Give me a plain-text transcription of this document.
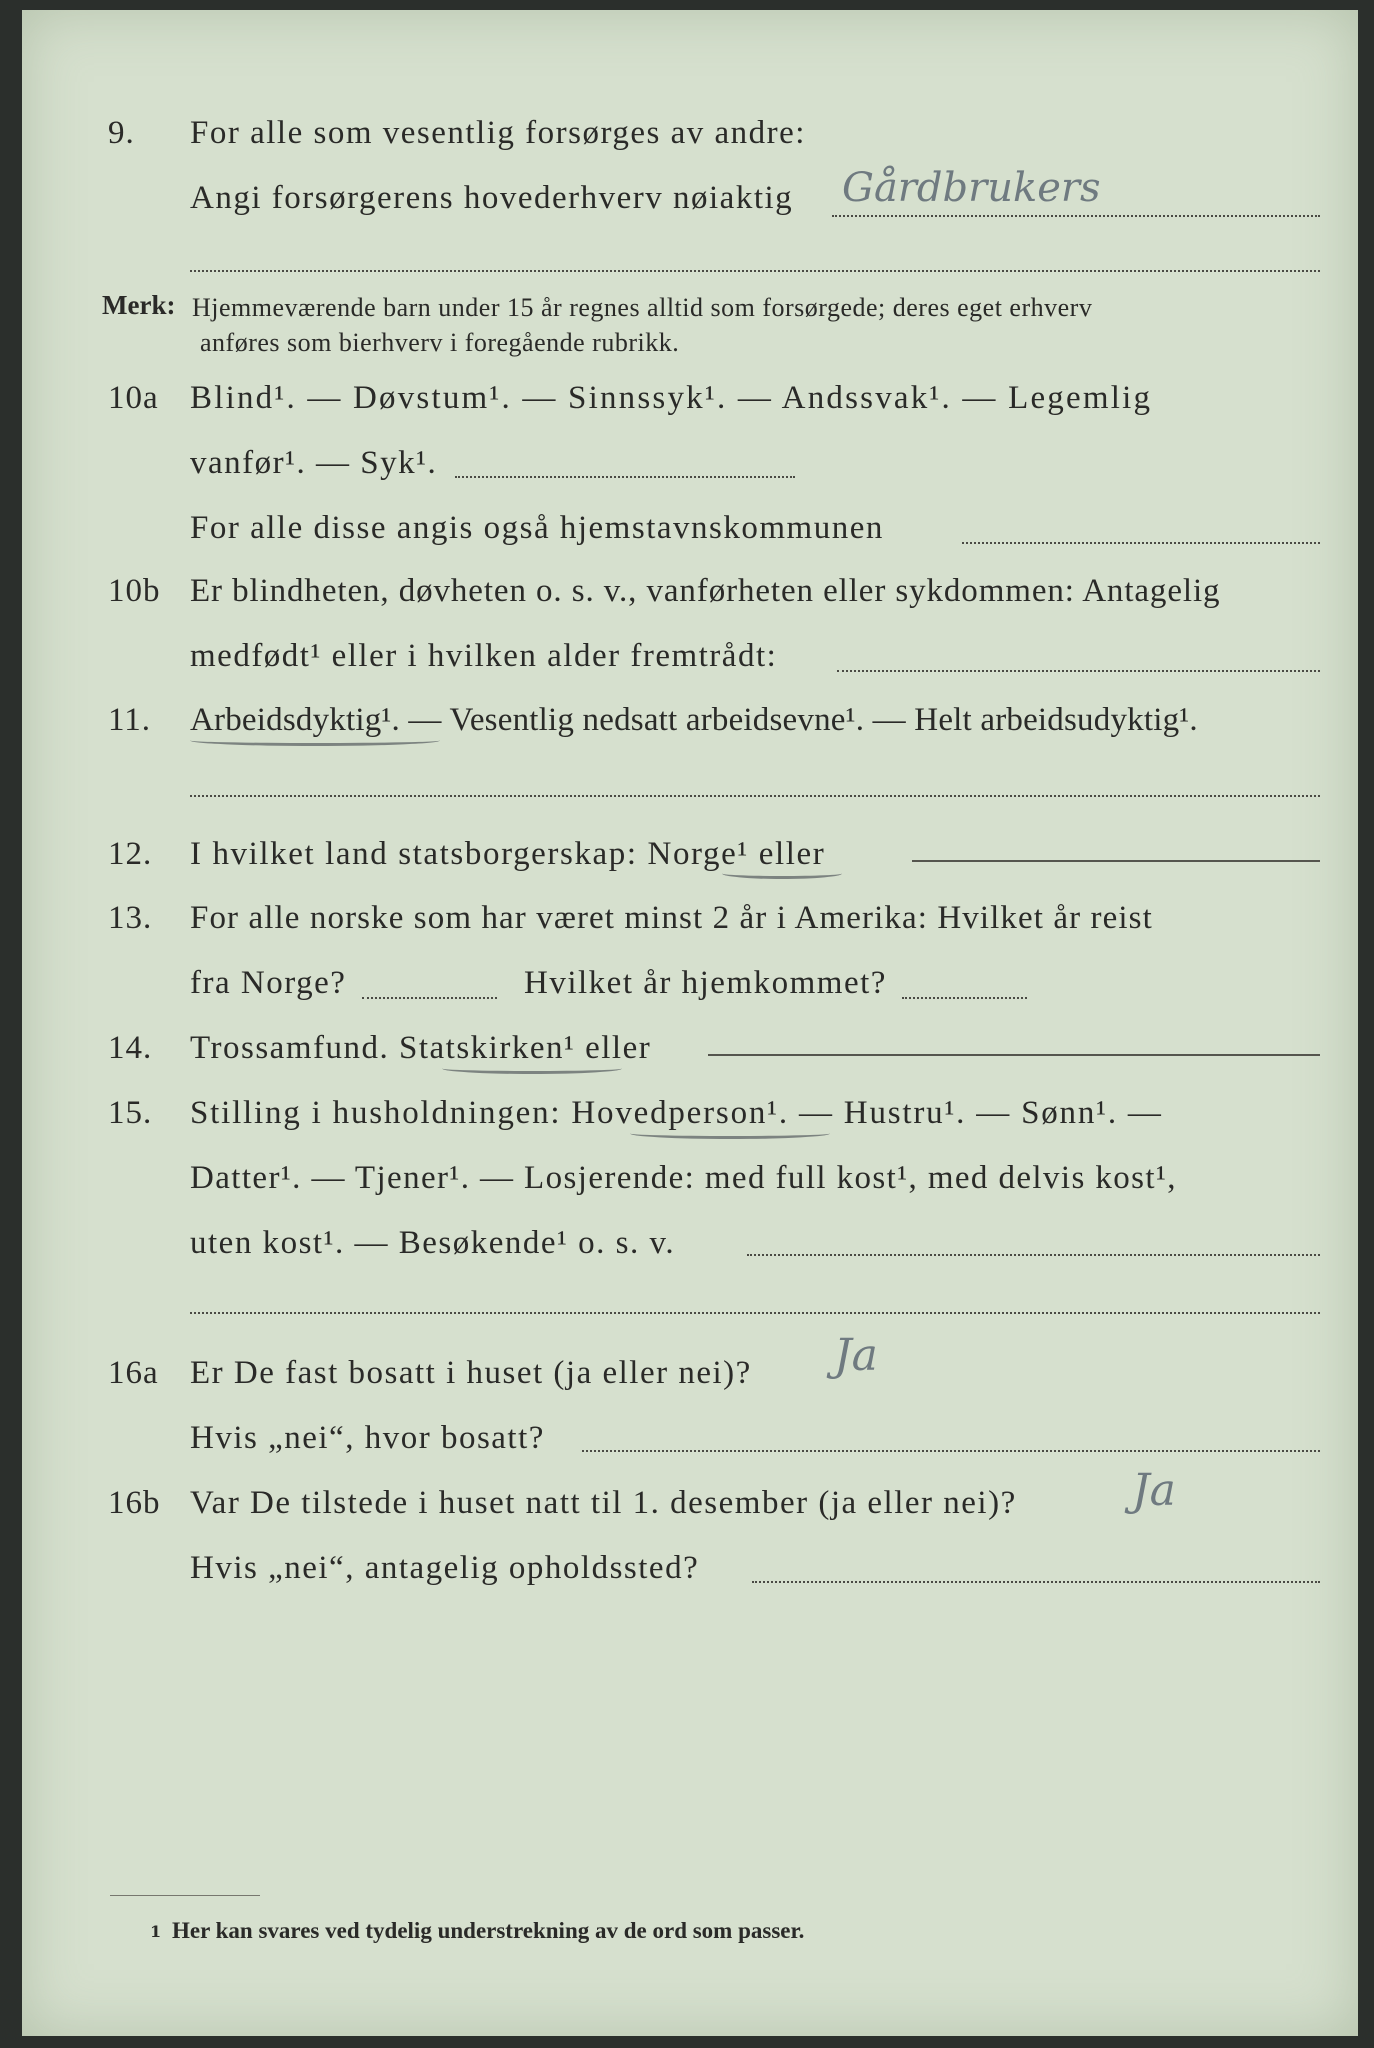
9. For alle som vesentlig forsørges av andre:
Angi forsørgerens hovederhverv nøiaktig Gårdbrukers
Merk: Hjemmeværende barn under 15 år regnes alltid som forsørgede; deres eget erhverv
anføres som bierhverv i foregående rubrikk.
10a Blind¹. — Døvstum¹. — Sinnssyk¹. — Andssvak¹. — Legemlig
vanfør¹. — Syk¹.
For alle disse angis også hjemstavnskommunen
10b Er blindheten, døvheten o. s. v., vanførheten eller sykdommen: Antagelig
medfødt¹ eller i hvilken alder fremtrådt:
11. Arbeidsdyktig¹. — Vesentlig nedsatt arbeidsevne¹. — Helt arbeidsudyktig¹.
12. I hvilket land statsborgerskap: Norge¹ eller
13. For alle norske som har været minst 2 år i Amerika: Hvilket år reist
fra Norge?	Hvilket år hjemkommet?
14. Trossamfund. Statskirken¹ eller
15. Stilling i husholdningen: Hovedperson¹. — Hustru¹. — Sønn¹. —
Datter¹. — Tjener¹. — Losjerende: med full kost¹, med delvis kost¹,
uten kost¹. — Besøkende¹ o. s. v.
16a Er De fast bosatt i huset (ja eller nei)? Ja
Hvis „nei“, hvor bosatt?
16b Var De tilstede i huset natt til 1. desember (ja eller nei)?	Ja
Hvis „nei“, antagelig opholdssted?
1 Her kan svares ved tydelig understrekning av de ord som passer.
